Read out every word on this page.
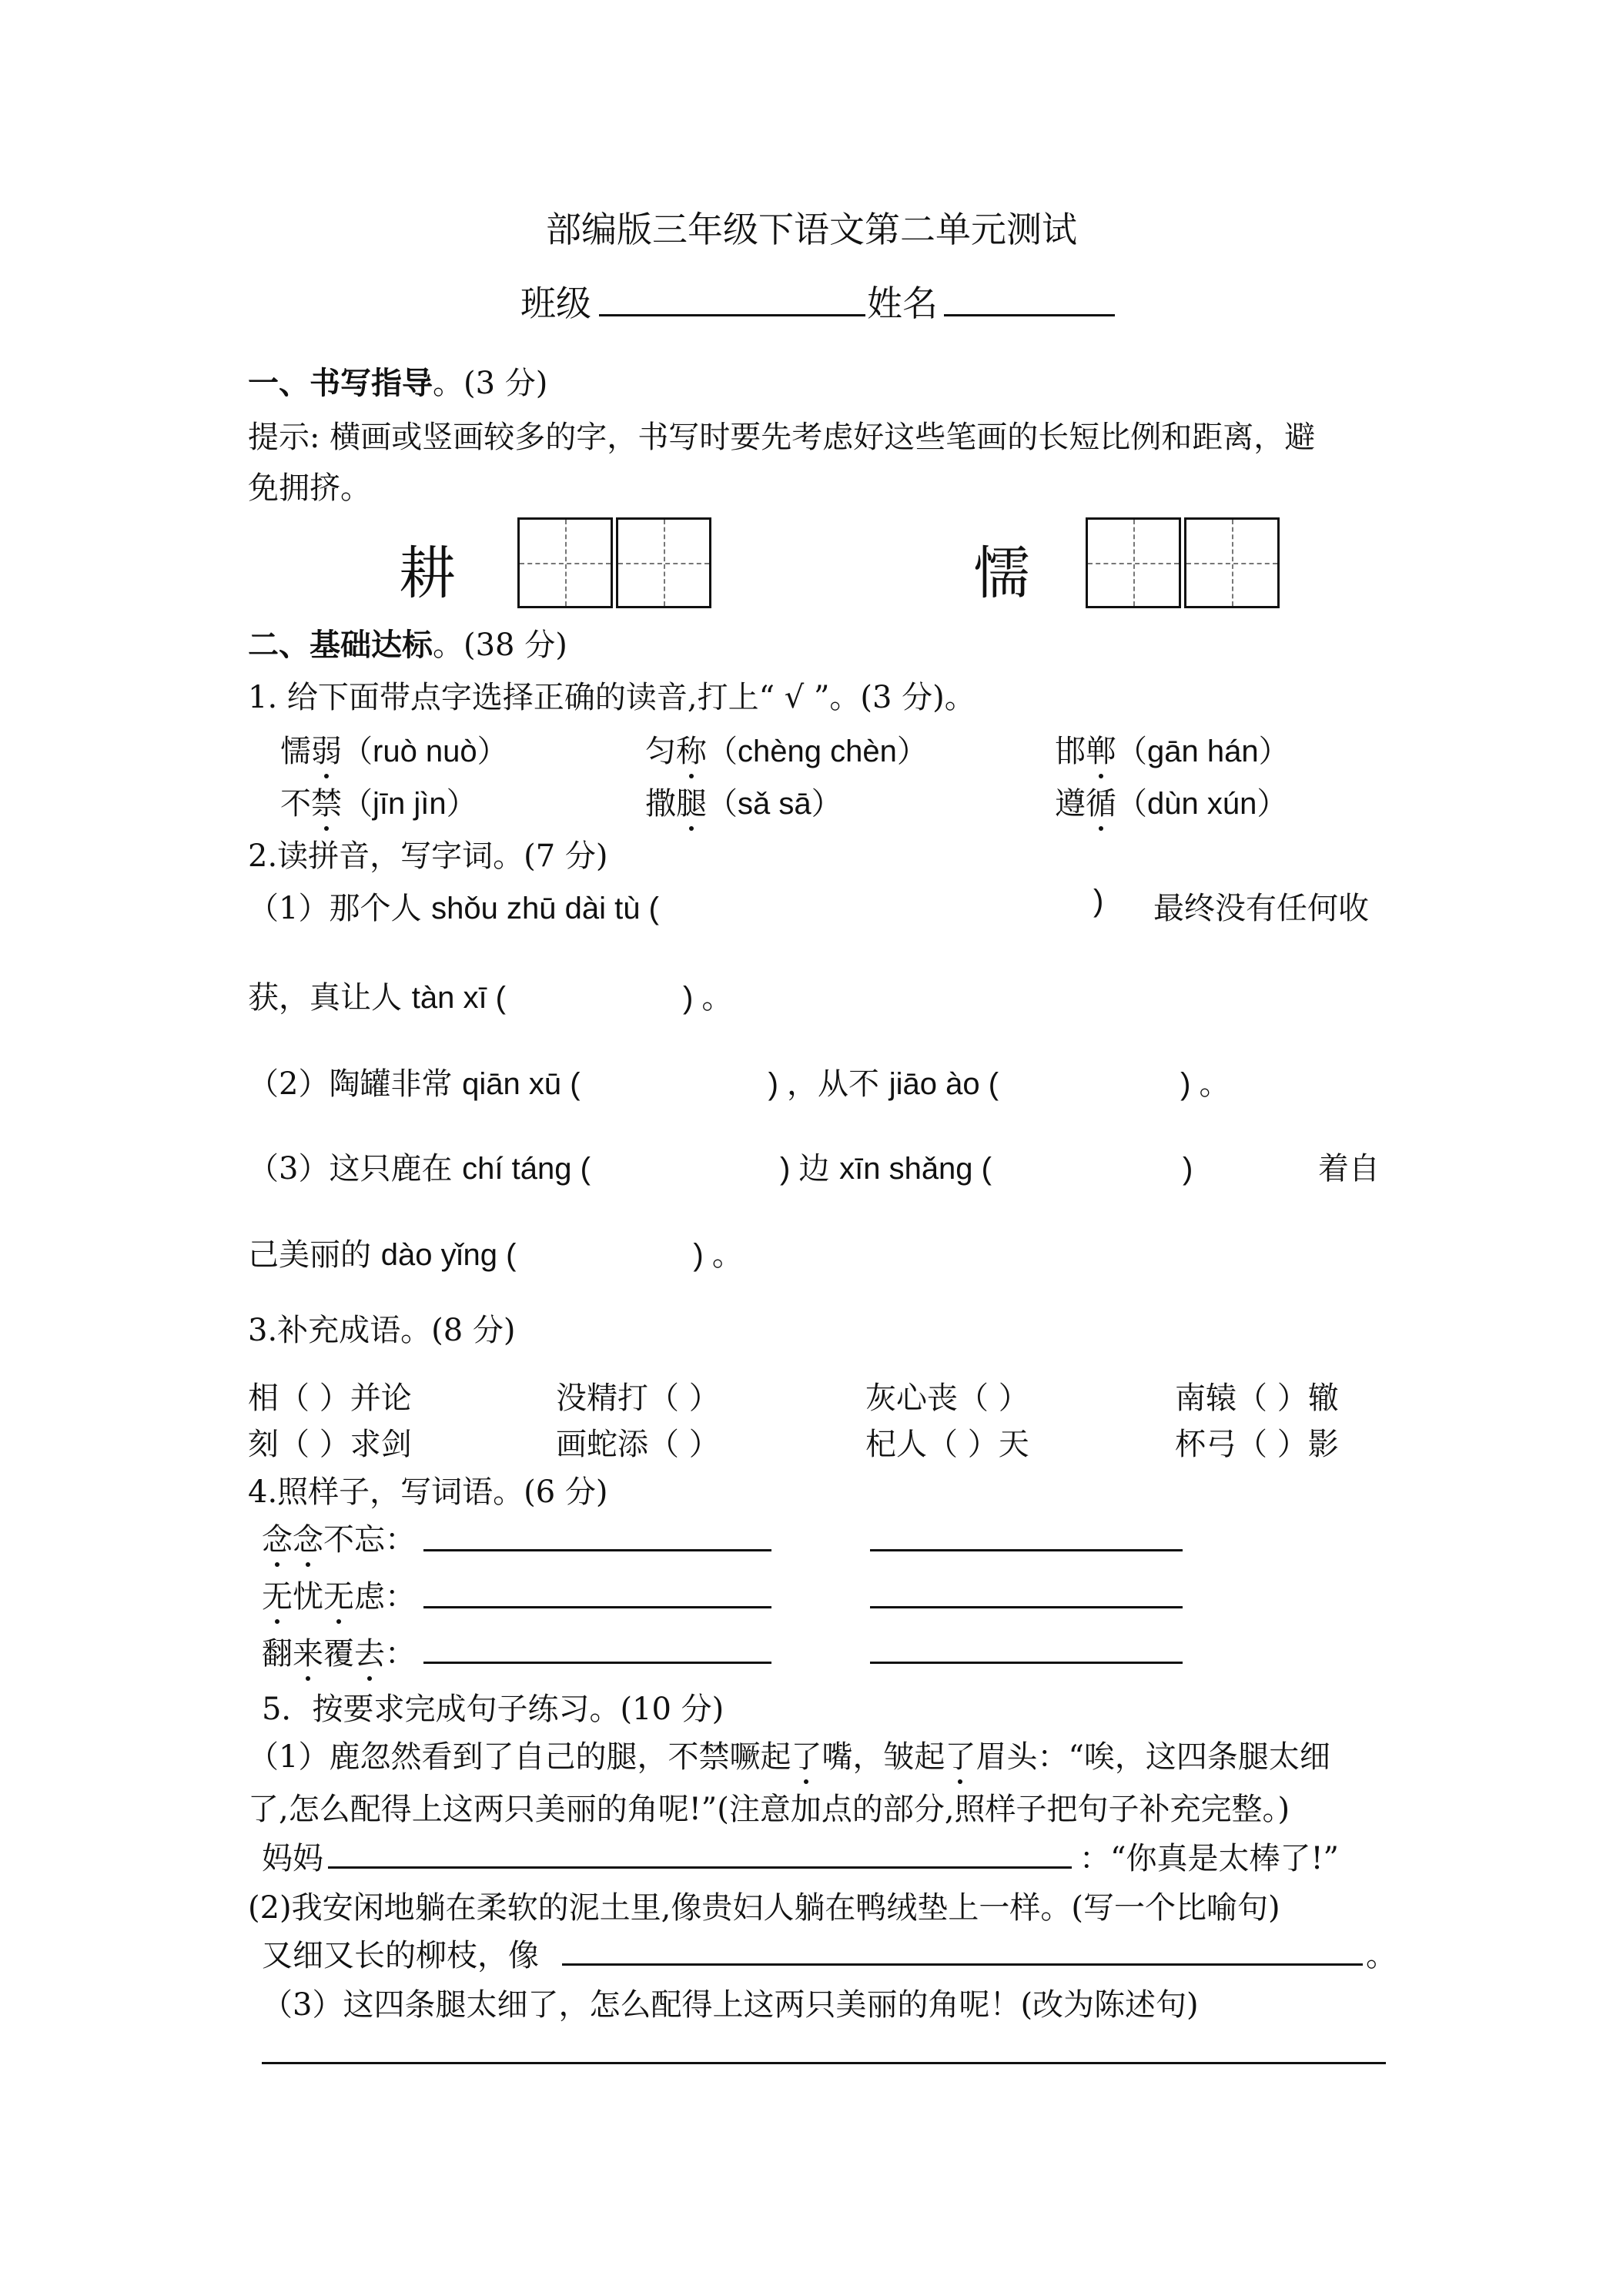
部编版三年级下语文第二单元测试
班级	姓名
一、书写指导。(3 分)
提示: 横画或竖画较多的字，书写时要先考虑好这些笔画的长短比例和距离，避
免拥挤。
耕	懦
二、基础达标。(38 分)
1. 给下面带点字选择正确的读音,打上“ √ ”。(3 分)。
懦弱（ruò nuò）	匀称（chèng chèn）	邯郸（gān hán）
不禁（jīn jìn）	撒腿（sǎ sā）	遵循（dùn xún）
2.读拼音，写字词。(7 分)
（1）那个人 shǒu zhū dài tù (	) 最终没有任何收
获，真让人 tàn xī (	) 。
（2）陶罐非常 qiān xū (	) ，从不 jiāo ào (	) 。
（3）这只鹿在 chí táng (	) 边 xīn shǎng (	)	着自
己美丽的 dào yǐng (	) 。
3.补充成语。(8 分)
相（ ）并论	没精打（ ）	灰心丧（ ）	南辕（ ）辙
刻（ ）求剑	画蛇添（ ）	杞人（ ）天	杯弓（ ）影
4.照样子，写词语。(6 分)
念念不忘：
无忧无虑：
翻来覆去：
5．按要求完成句子练习。(10 分)
（1）鹿忽然看到了自己的腿，不禁噘起了嘴，皱起了眉头：“唉，这四条腿太细
了,怎么配得上这两只美丽的角呢!”(注意加点的部分,照样子把句子补充完整。)
妈妈	：“你真是太棒了!”
(2)我安闲地躺在柔软的泥土里,像贵妇人躺在鸭绒垫上一样。(写一个比喻句)
又细又长的柳枝，像	。
（3）这四条腿太细了，怎么配得上这两只美丽的角呢！(改为陈述句)
